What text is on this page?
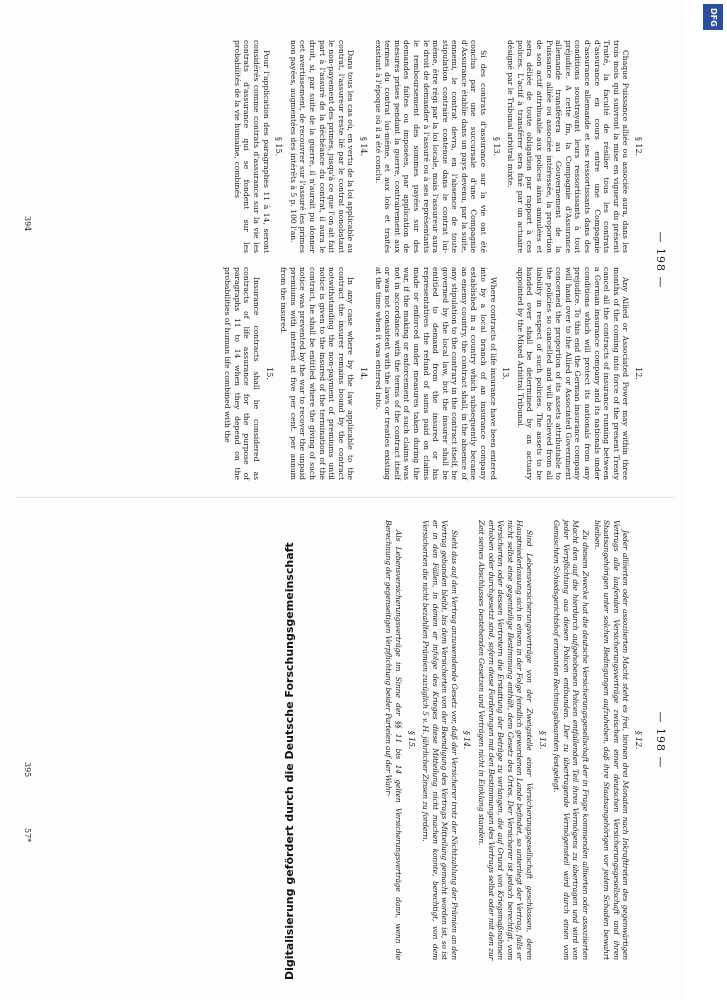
— 198 —
§ 12.

Chaque Puissance alliée ou associée aura, dans les trois mois qui suivront la mise en vigueur du présent Traité, la faculté de résilier tous les contrats d'assurance en cours entre une Compagnie d'assurance allemande et ses ressortissants dans des conditions soustrayant leurs ressortissants à tout préjudice. A cette fin, la Compagnie d'Assurance allemande transférera au Gouvernement de la Puissance alliée ou associée intéressée, la proportion de son actif attribuable aux polices ainsi annulées et sera déliée de toute obligation par rapport à ces polices. L'actif à transférer sera fixé par un actuaire désigné par le Tribunal arbitral mixte.

§ 13.

Si des contrats d'assurance sur la vie ont été conclus par une succursale d'une Compagnie d'Assurance établie dans un pays devenu, par la suite, ennemi, le contrat devra, en l'absence de toute stipulation contraire contenue dans le contrat lui-même, être régi par la loi locale, mais l'assureur aura le droit de demander à l'assuré ou à ses représentants le remboursement des sommes payées sur des demandes faites ou imposées, par application de mesures prises pendant la guerre, contrairement aux termes du contrat lui-même, et aux lois et traités existant à l'époque où il a été conclu.

§ 14.

Dans tous les cas où, en vertu de la loi applicable au contrat, l'assureur reste lié par le contrat nonobstant le non-payement des primes, jusqu'à ce que l'on ait fait part à l'assuré de la déchéance du contrat, il aura le droit, si, par suite de la guerre, il n'aurait pu donner cet avertissement, de recouvrer sur l'assuré les primes non payées, augmentées des intérêts à 5 p. 100 l'an.

§ 15.

Pour l'application des paragraphes 11 à 14, seront considérés comme contrats d'assurance sur la vie les contrats d'assurance qui se fondent sur les probabilités de la vie humaine, combinés

12.

Any Allied or Associated Power may within three months of the coming into force of the present Treaty cancel all the contracts of insurance running between a German insurance company and its nationals under conditions which will protect its nationals from any prejudice. To this end the German insurance company will hand over to the Allied or Associated Government concerned the proportion of its assets attributable to the policies so cancelled and will be relieved from all liability in respect of such policies. The assets to be handed over shall be determined by an actuary appointed by the Mixed Arbitral Tribunal.

13.

Where contracts of life insurance have been entered into by a local branch of an insurance company established in a country which subsequently became an enemy country, the contract shall, in the absence of any stipulation to the contrary in the contract itself, be governed by the local law, but the insurer shall be entitled to demand from the insured or his representatives the refund of sums paid on claims made or enforced under measures taken during the war, if the making or enforcement of such claims was not in accordance with the terms of the contract itself or was not consistent with the laws or treaties existing at the time when it was entered into.

14.

In any case where by the law applicable to the contract the insurer remains bound by the contract notwithstanding the non-payment of premiums until notice is given to the insured of the termination of the contract, he shall be entitled where the giving of such notice was prevented by the war to recover the unpaid premiums with interest at five per cent. per annum from the insured.

15.

Insurance contracts shall be considered as contracts of life assurance for the purpose of paragraphs 11 to 14 when they depend on the probabilities of human life combined with the

394
— 198 —
§ 12.

Jeder alliierten oder assoziierten Macht steht es frei, binnen drei Monaten nach Inkrafttreten des gegenwärtigen Vertrags alle laufenden Versicherungsverträge zwischen einer deutschen Versicherungsgesellschaft und ihren Staatsangehörigen unter solchen Bedingungen aufzuheben, daß ihre Staatsangehörigen vor jedem Schaden bewahrt bleiben.

Zu diesem Zwecke hat die deutsche Versicherungsgesellschaft der in Frage kommenden alliierten oder assoziierten Macht den auf die hierdurch aufgehobenen Policen entfallenden Teil ihres Vermögens zu übertragen und wird von jeder Verpflichtung aus diesen Policen entbunden. Der zu übertragende Vermögensteil wird durch einen vom Gemischten Schiedsgerichtshof ernannten Rechnungsbeamten festgelegt.

§ 13.

Sind Lebensversicherungsverträge von der Zweigstelle einer Versicherungsgesellschaft geschlossen, deren Hauptniederlassung sich in einem in der Folge feindlich gewordenen Lande befindet, so unterliegt der Vertrag, falls er nicht selbst eine gegenteilige Bestimmung enthält, dem Gesetz des Ortes. Der Versicherer ist jedoch berechtigt, vom Versicherten oder dessen Vertretern die Erstattung der Beträge zu verlangen, die auf Grund von Kriegsmaßnahmen erhoben oder durchgesetzt sind, sofern diese Forderungen mit den Bestimmungen des Vertrags selbst oder mit den zur Zeit seines Abschlusses bestehenden Gesetzen und Verträgen nicht in Einklang standen.

§ 14.

Sieht das auf den Vertrag anzuwendende Gesetz vor, daß der Versicherer trotz der Nichtzahlung der Prämien an den Vertrag gebunden bleibt, bis dem Versicherten von der Beendigung des Vertrags Mitteilung gemacht worden ist, so ist er in den Fällen, in denen er infolge des Krieges diese Mitteilung nicht machen konnte, berechtigt, von dem Versicherten die nicht bezahlten Prämien zuzüglich 5 v. H. jährlicher Zinsen zu fordern.

§ 15.

Als Lebensversicherungsverträge im Sinne der §§ 11 bis 14 gelten Versicherungsverträge dann, wenn die Berechnung der gegenseitigen Verpflichtung beider Parteien auf der Wahr-

395
57*
DFG
Digitalisierung gefördert durch die Deutsche Forschungsgemeinschaft
